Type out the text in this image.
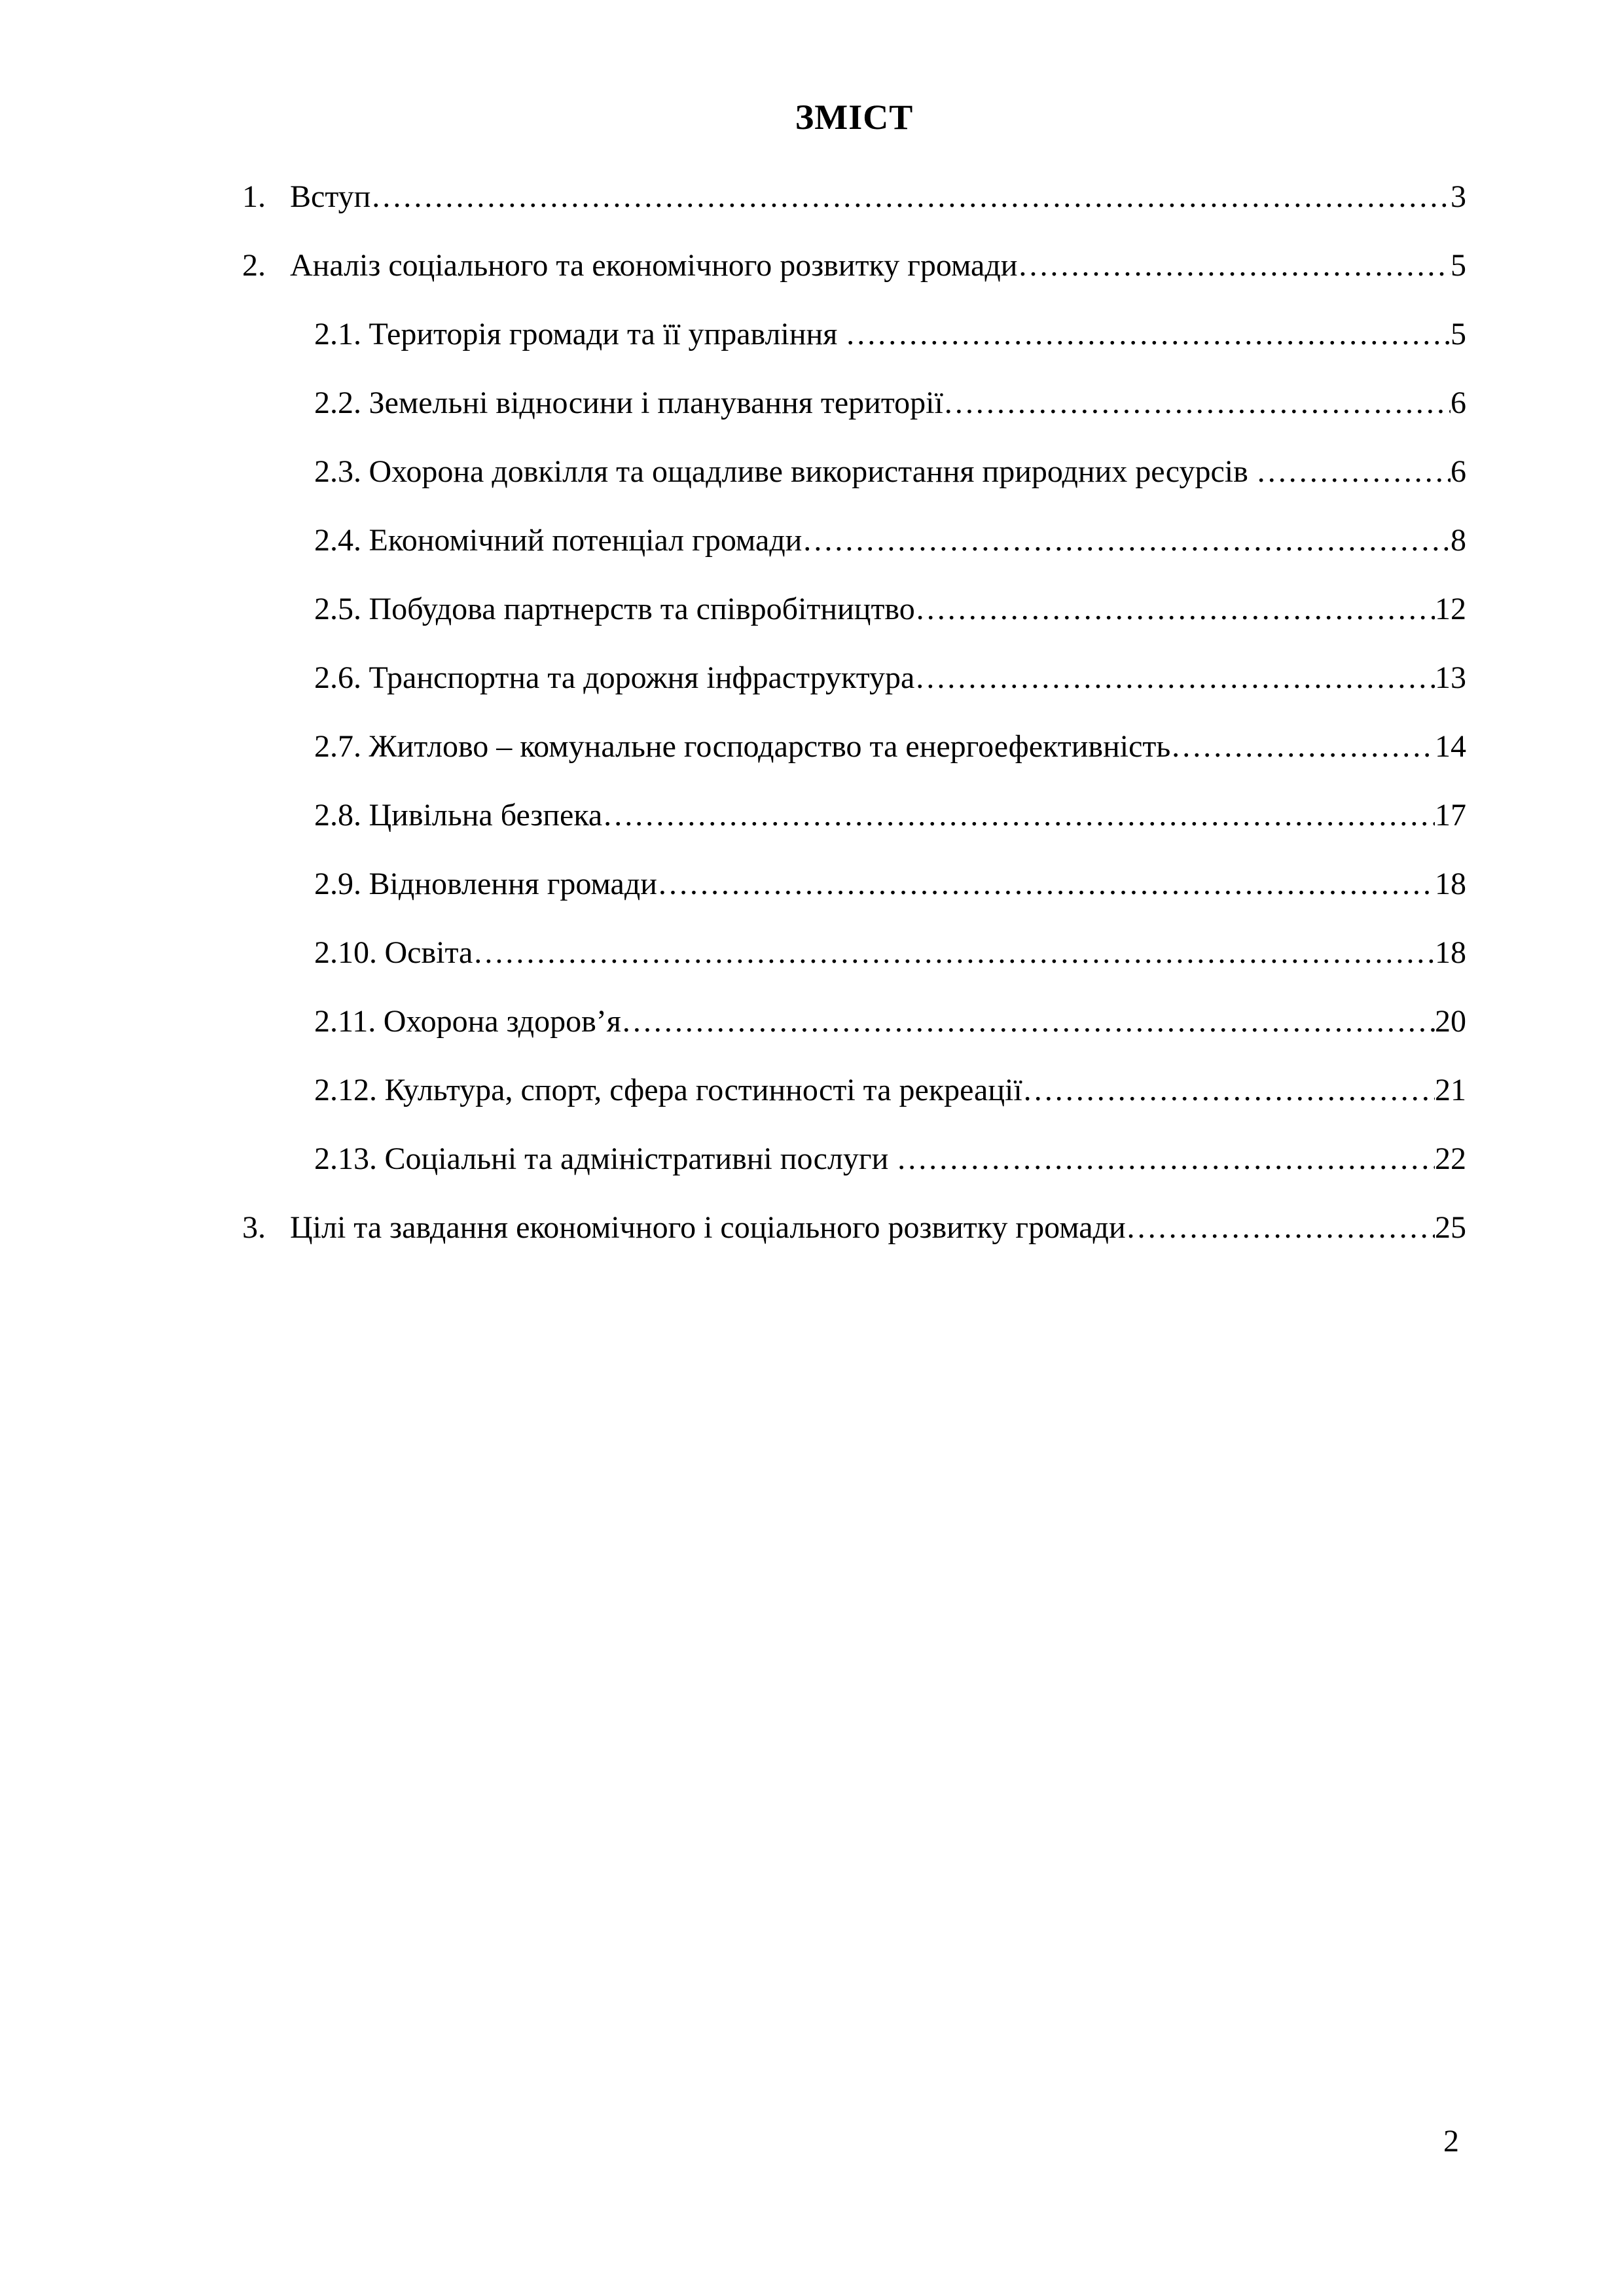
ЗМІСТ
1. Вступ ……………………………………………………………………………………………………………………………………………………………………………………………………	3
2. Аналіз соціального та економічного розвитку громади ……………………………………………………………………………………………………………………………………………………………………………………………………	5
2.1. Територія громади та її управління ……………………………………………………………………………………………………………………………………………………………………………………………………	5
2.2. Земельні відносини і планування території ……………………………………………………………………………………………………………………………………………………………………………………………………	6
2.3. Охорона довкілля та ощадливе використання природних ресурсів ……………………………………………………………………………………………………………………………………………………………………………………………………	6
2.4. Економічний потенціал громади ……………………………………………………………………………………………………………………………………………………………………………………………………	8
2.5. Побудова партнерств та співробітництво ……………………………………………………………………………………………………………………………………………………………………………………………………	12
2.6. Транспортна та дорожня інфраструктура ……………………………………………………………………………………………………………………………………………………………………………………………………	13
2.7. Житлово – комунальне господарство та енергоефективність ……………………………………………………………………………………………………………………………………………………………………………………………………	14
2.8. Цивільна безпека ……………………………………………………………………………………………………………………………………………………………………………………………………	17
2.9. Відновлення громади ……………………………………………………………………………………………………………………………………………………………………………………………………	18
2.10. Освіта ……………………………………………………………………………………………………………………………………………………………………………………………………	18
2.11. Охорона здоров’я ……………………………………………………………………………………………………………………………………………………………………………………………………	20
2.12. Культура, спорт, сфера гостинності та рекреації ……………………………………………………………………………………………………………………………………………………………………………………………………	21
2.13. Соціальні та адміністративні послуги ……………………………………………………………………………………………………………………………………………………………………………………………………	22
3. Цілі та завдання економічного і соціального розвитку громади ……………………………………………………………………………………………………………………………………………………………………………………………………	25
2
